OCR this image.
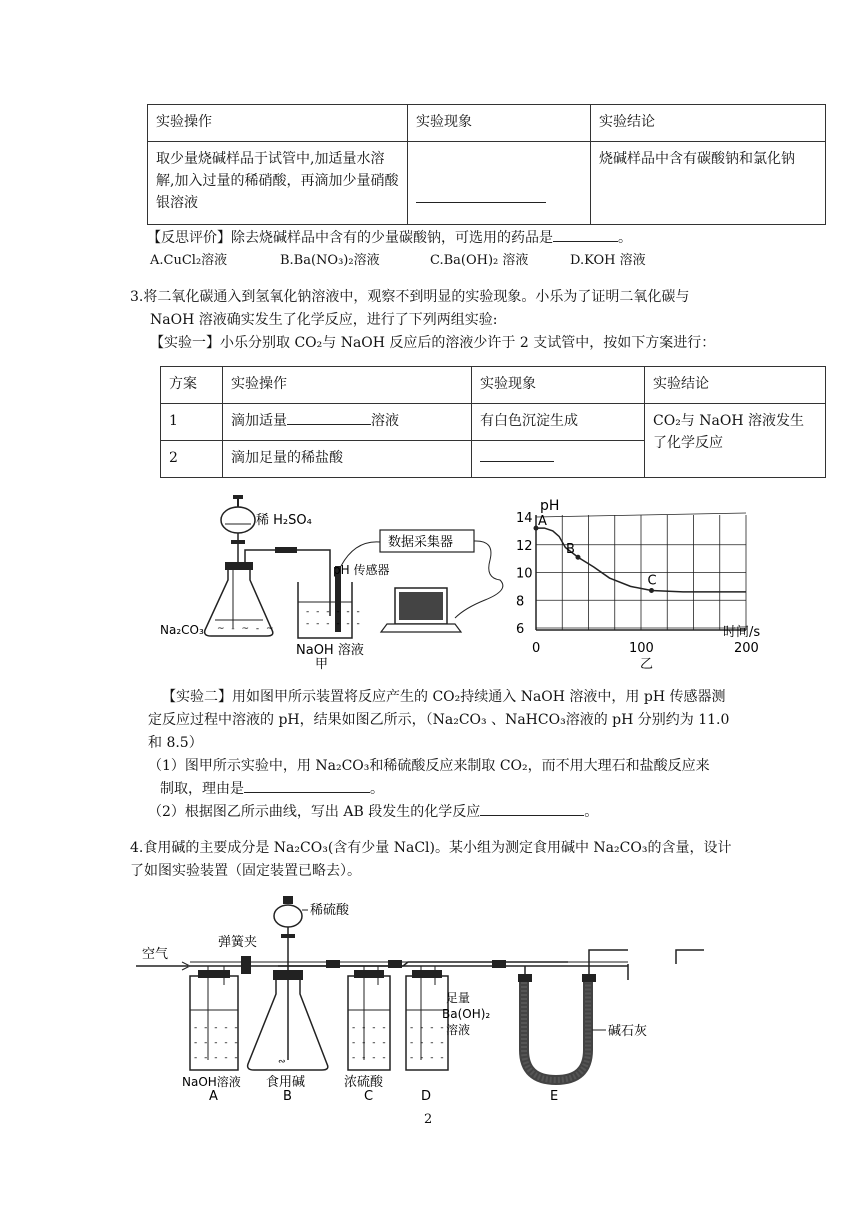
实验操作	实验现象	实验结论
取少量烧碱样品于试管中,加适量水溶解,加入过量的稀硝酸，再滴加少量硝酸银溶液		烧碱样品中含有碳酸钠和氯化钠
【反思评价】除去烧碱样品中含有的少量碳酸钠，可选用的药品是	。
A.CuCl₂溶液	B.Ba(NO₃)₂溶液	C.Ba(OH)₂ 溶液	D.KOH 溶液
3.将二氧化碳通入到氢氧化钠溶液中，观察不到明显的实验现象。小乐为了证明二氧化碳与
NaOH 溶液确实发生了化学反应，进行了下列两组实验:
【实验一】小乐分别取 CO₂与 NaOH 反应后的溶液少许于 2 支试管中，按如下方案进行：
方案	实验操作	实验现象	实验结论
1	滴加适量 溶液	有白色沉淀生成	CO₂与 NaOH 溶液发生了化学反应
2	滴加足量的稀盐酸		
稀 H₂SO₄
~ - ~ - ~
Na₂CO₃
- - - - - -
- - - - - -
pH 传感器
NaOH 溶液
甲
数据采集器
6
8
10
12
14
0	100	200
pH
时间/s
乙
A
B
C
【实验二】用如图甲所示装置将反应产生的 CO₂持续通入 NaOH 溶液中，用 pH 传感器测
定反应过程中溶液的 pH，结果如图乙所示，（Na₂CO₃ 、NaHCO₃溶液的 pH 分别约为 11.0
和 8.5）
（1）图甲所示实验中，用 Na₂CO₃和稀硫酸反应来制取 CO₂，而不用大理石和盐酸反应来
制取，理由是	。
（2）根据图乙所示曲线，写出 AB 段发生的化学反应	。
4.食用碱的主要成分是 Na₂CO₃(含有少量 NaCl)。某小组为测定食用碱中 Na₂CO₃的含量，设计
了如图实验装置（固定装置已略去）。
空气
弹簧夹
- - - - -
- - - - -
- - - - -
稀硫酸
∾
- - - -
- - - -
- - - -
- - - -
- - - -
- - - -
足量
Ba(OH)₂
溶液	碱石灰
NaOH溶液 食用碱	浓硫酸
A	B	C	D	E
2
